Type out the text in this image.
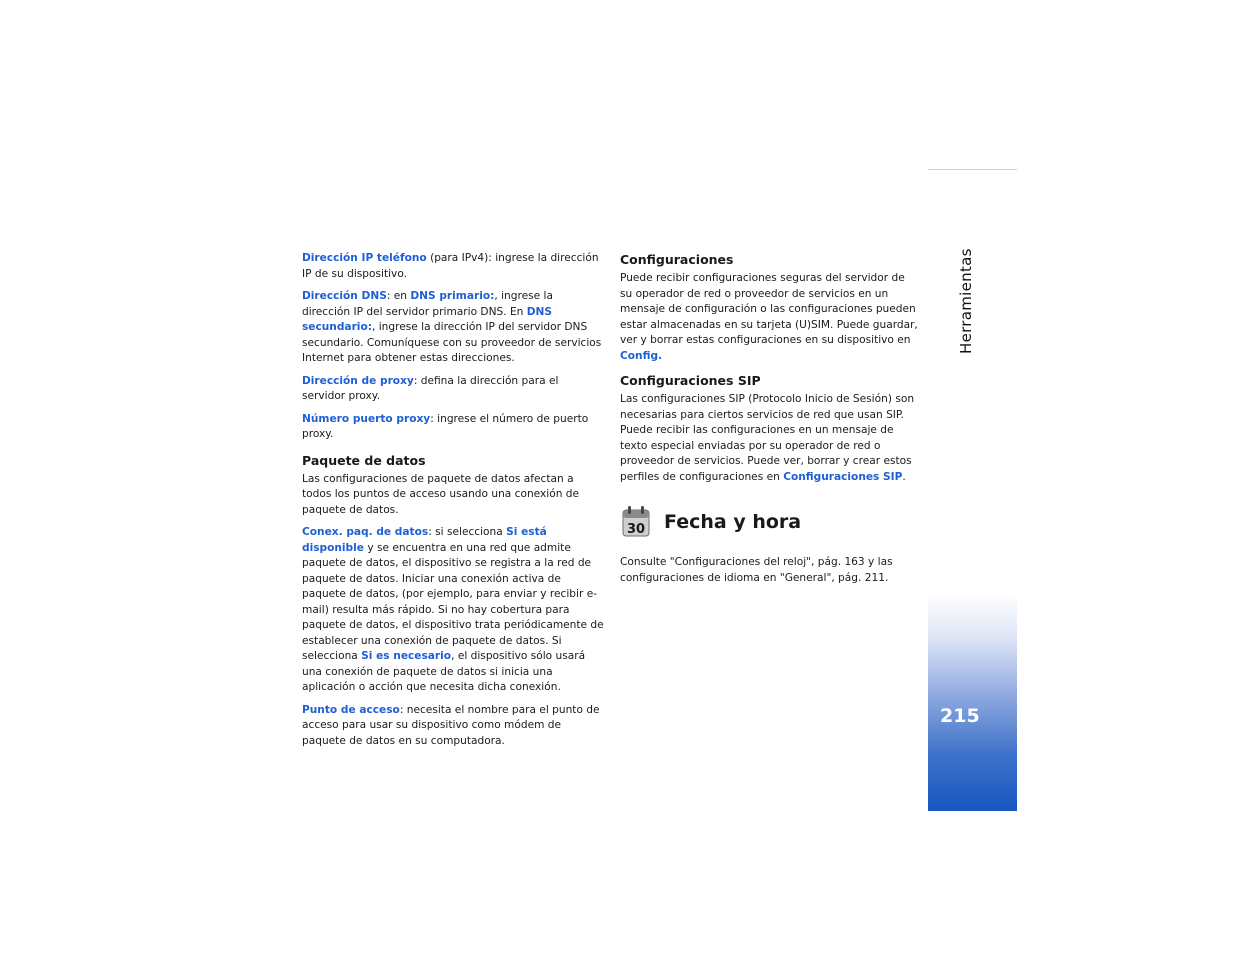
Dirección IP teléfono (para IPv4): ingrese la dirección IP de su dispositivo.

Dirección DNS: en DNS primario:, ingrese la dirección IP del servidor primario DNS. En DNS secundario:, ingrese la dirección IP del servidor DNS secundario. Comuníquese con su proveedor de servicios Internet para obtener estas direcciones.

Dirección de proxy: defina la dirección para el servidor proxy.

Número puerto proxy: ingrese el número de puerto proxy.

Paquete de datos

Las configuraciones de paquete de datos afectan a todos los puntos de acceso usando una conexión de paquete de datos.

Conex. paq. de datos: si selecciona Si está disponible y se encuentra en una red que admite paquete de datos, el dispositivo se registra a la red de paquete de datos. Iniciar una conexión activa de paquete de datos, (por ejemplo, para enviar y recibir e-mail) resulta más rápido. Si no hay cobertura para paquete de datos, el dispositivo trata periódicamente de establecer una conexión de paquete de datos. Si selecciona Si es necesario, el dispositivo sólo usará una conexión de paquete de datos si inicia una aplicación o acción que necesita dicha conexión.

Punto de acceso: necesita el nombre para el punto de acceso para usar su dispositivo como módem de paquete de datos en su computadora.

Configuraciones

Puede recibir configuraciones seguras del servidor de su operador de red o proveedor de servicios en un mensaje de configuración o las configuraciones pueden estar almacenadas en su tarjeta (U)SIM. Puede guardar, ver y borrar estas configuraciones en su dispositivo en Config.

Configuraciones SIP

Las configuraciones SIP (Protocolo Inicio de Sesión) son necesarias para ciertos servicios de red que usan SIP. Puede recibir las configuraciones en un mensaje de texto especial enviadas por su operador de red o proveedor de servicios. Puede ver, borrar y crear estos perfiles de configuraciones en Configuraciones SIP.

30 Fecha y hora

Consulte "Configuraciones del reloj", pág. 163 y las configuraciones de idioma en "General", pág. 211.

Herramientas
215
